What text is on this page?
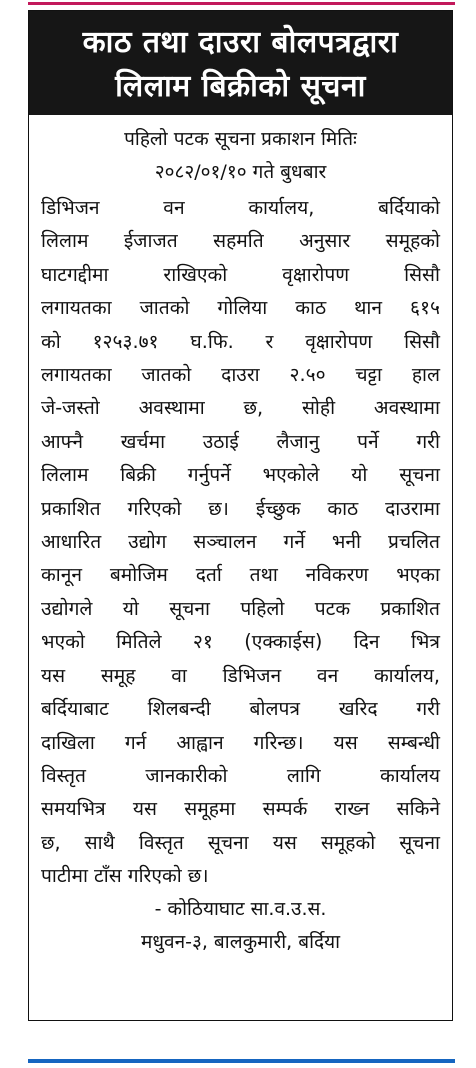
काठ तथा दाउरा बोलपत्रद्वारा
लिलाम बिक्रीको सूचना
पहिलो पटक सूचना प्रकाशन मितिः
२०८२/०१/१० गते बुधबार
डिभिजन वन कार्यालय, बर्दियाको
लिलाम ईजाजत सहमति अनुसार समूहको
घाटगद्दीमा राखिएको वृक्षारोपण सिसौ
लगायतका जातको गोलिया काठ थान ६१५
को १२५३.७१ घ.फि. र वृक्षारोपण सिसौ
लगायतका जातको दाउरा २.५० चट्टा हाल
जे-जस्तो अवस्थामा छ, सोही अवस्थामा
आफ्नै खर्चमा उठाई लैजानु पर्ने गरी
लिलाम बिक्री गर्नुपर्ने भएकोले यो सूचना
प्रकाशित गरिएको छ। ईच्छुक काठ दाउरामा
आधारित उद्योग सञ्चालन गर्ने भनी प्रचलित
कानून बमोजिम दर्ता तथा नविकरण भएका
उद्योगले यो सूचना पहिलो पटक प्रकाशित
भएको मितिले २१ (एक्काईस) दिन भित्र
यस समूह वा डिभिजन वन कार्यालय,
बर्दियाबाट शिलबन्दी बोलपत्र खरिद गरी
दाखिला गर्न आह्वान गरिन्छ। यस सम्बन्धी
विस्तृत जानकारीको लागि कार्यालय
समयभित्र यस समूहमा सम्पर्क राख्न सकिने
छ, साथै विस्तृत सूचना यस समूहको सूचना
पाटीमा टाँस गरिएको छ।
- कोठियाघाट सा.व.उ.स.
मधुवन-३, बालकुमारी, बर्दिया
